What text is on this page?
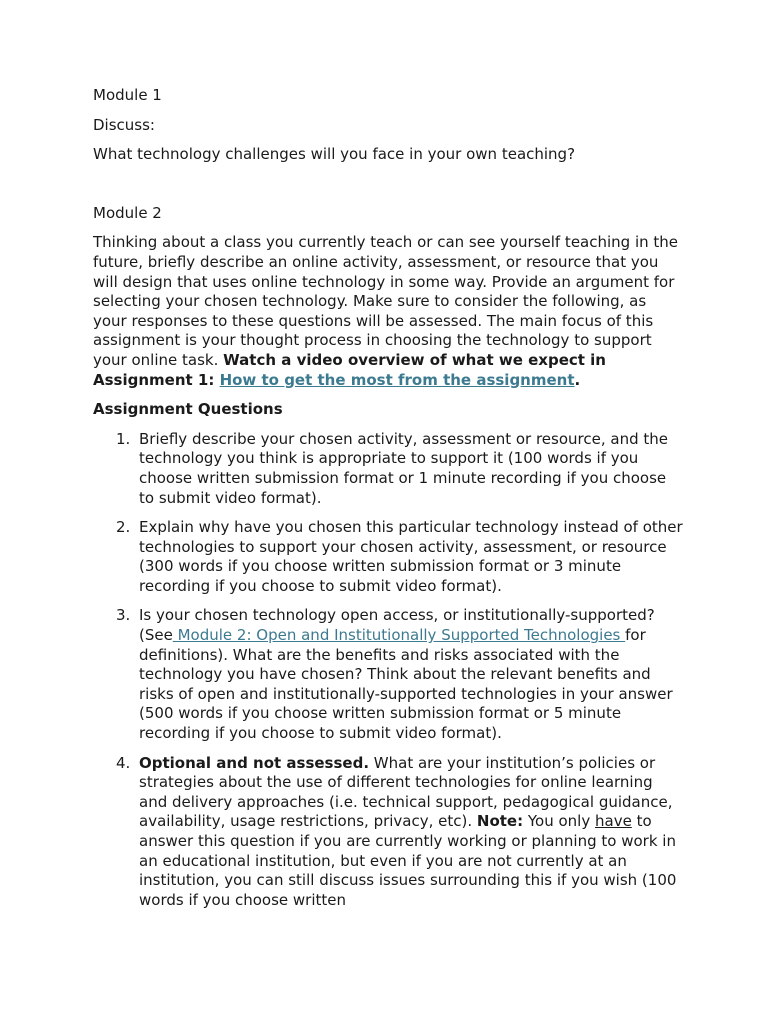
Module 1

Discuss:

What technology challenges will you face in your own teaching?

Module 2

Thinking about a class you currently teach or can see yourself teaching in the future, briefly describe an online activity, assessment, or resource that you will design that uses online technology in some way. Provide an argument for selecting your chosen technology. Make sure to consider the following, as your responses to these questions will be assessed. The main focus of this assignment is your thought process in choosing the technology to support your online task. Watch a video overview of what we expect in Assignment 1: How to get the most from the assignment.

Assignment Questions

1. Briefly describe your chosen activity, assessment or resource, and the technology you think is appropriate to support it (100 words if you choose written submission format or 1 minute recording if you choose to submit video format).
2. Explain why have you chosen this particular technology instead of other technologies to support your chosen activity, assessment, or resource (300 words if you choose written submission format or 3 minute recording if you choose to submit video format).
3. Is your chosen technology open access, or institutionally-supported? (See Module 2: Open and Institutionally Supported Technologies for definitions). What are the benefits and risks associated with the technology you have chosen? Think about the relevant benefits and risks of open and institutionally-supported technologies in your answer (500 words if you choose written submission format or 5 minute recording if you choose to submit video format).
4. Optional and not assessed. What are your institution’s policies or strategies about the use of different technologies for online learning and delivery approaches (i.e. technical support, pedagogical guidance, availability, usage restrictions, privacy, etc). Note: You only have to answer this question if you are currently working or planning to work in an educational institution, but even if you are not currently at an institution, you can still discuss issues surrounding this if you wish (100 words if you choose written
